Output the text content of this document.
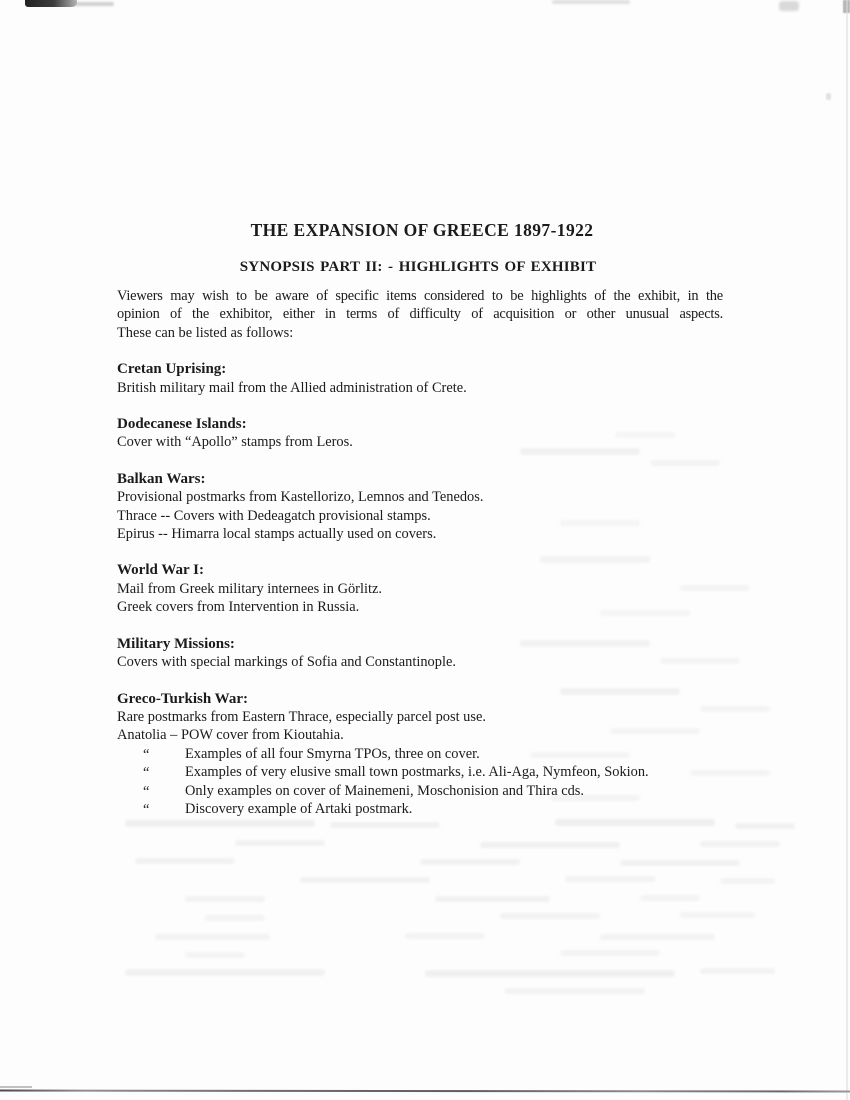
THE EXPANSION OF GREECE 1897-1922
SYNOPSIS PART II: - HIGHLIGHTS OF EXHIBIT
Viewers may wish to be aware of specific items considered to be highlights of the exhibit, in the
opinion of the exhibitor, either in terms of difficulty of acquisition or other unusual aspects.
These can be listed as follows:
Cretan Uprising:
British military mail from the Allied administration of Crete.
Dodecanese Islands:
Cover with “Apollo” stamps from Leros.
Balkan Wars:
Provisional postmarks from Kastellorizo, Lemnos and Tenedos.
Thrace -- Covers with Dedeagatch provisional stamps.
Epirus -- Himarra local stamps actually used on covers.
World War I:
Mail from Greek military internees in Görlitz.
Greek covers from Intervention in Russia.
Military Missions:
Covers with special markings of Sofia and Constantinople.
Greco-Turkish War:
Rare postmarks from Eastern Thrace, especially parcel post use.
Anatolia – POW cover from Kioutahia.
“ Examples of all four Smyrna TPOs, three on cover.
“ Examples of very elusive small town postmarks, i.e. Ali-Aga, Nymfeon, Sokion.
“ Only examples on cover of Mainemeni, Moschonision and Thira cds.
“ Discovery example of Artaki postmark.
